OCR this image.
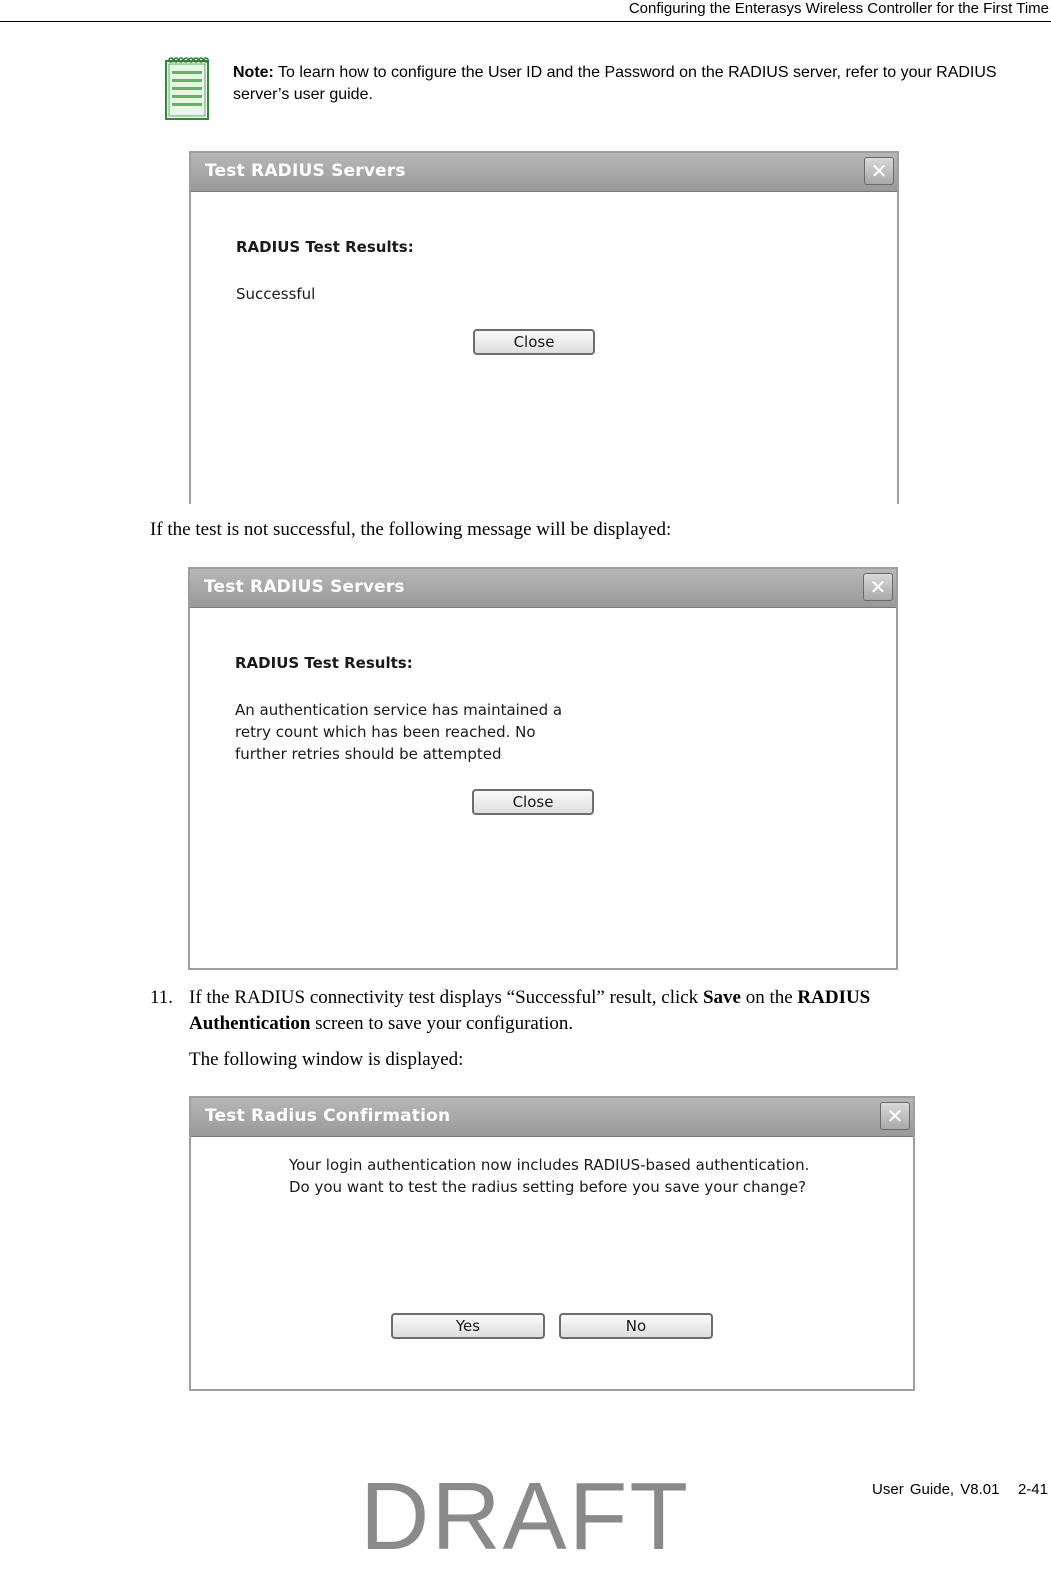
Configuring the Enterasys Wireless Controller for the First Time
Note: To learn how to configure the User ID and the Password on the RADIUS server, refer to your RADIUS server’s user guide.
Test RADIUS Servers	✕
RADIUS Test Results:
Successful
Close
If the test is not successful, the following message will be displayed:
Test RADIUS Servers	✕
RADIUS Test Results:
An authentication service has maintained a
retry count which has been reached. No
further retries should be attempted
Close
11. If the RADIUS connectivity test displays “Successful” result, click Save on the RADIUS
Authentication screen to save your configuration.
The following window is displayed:
Test Radius Confirmation	✕
Your login authentication now includes RADIUS-based authentication.
Do you want to test the radius setting before you save your change?
Yes	No
User Guide, V8.01 2-41
DRAFT
